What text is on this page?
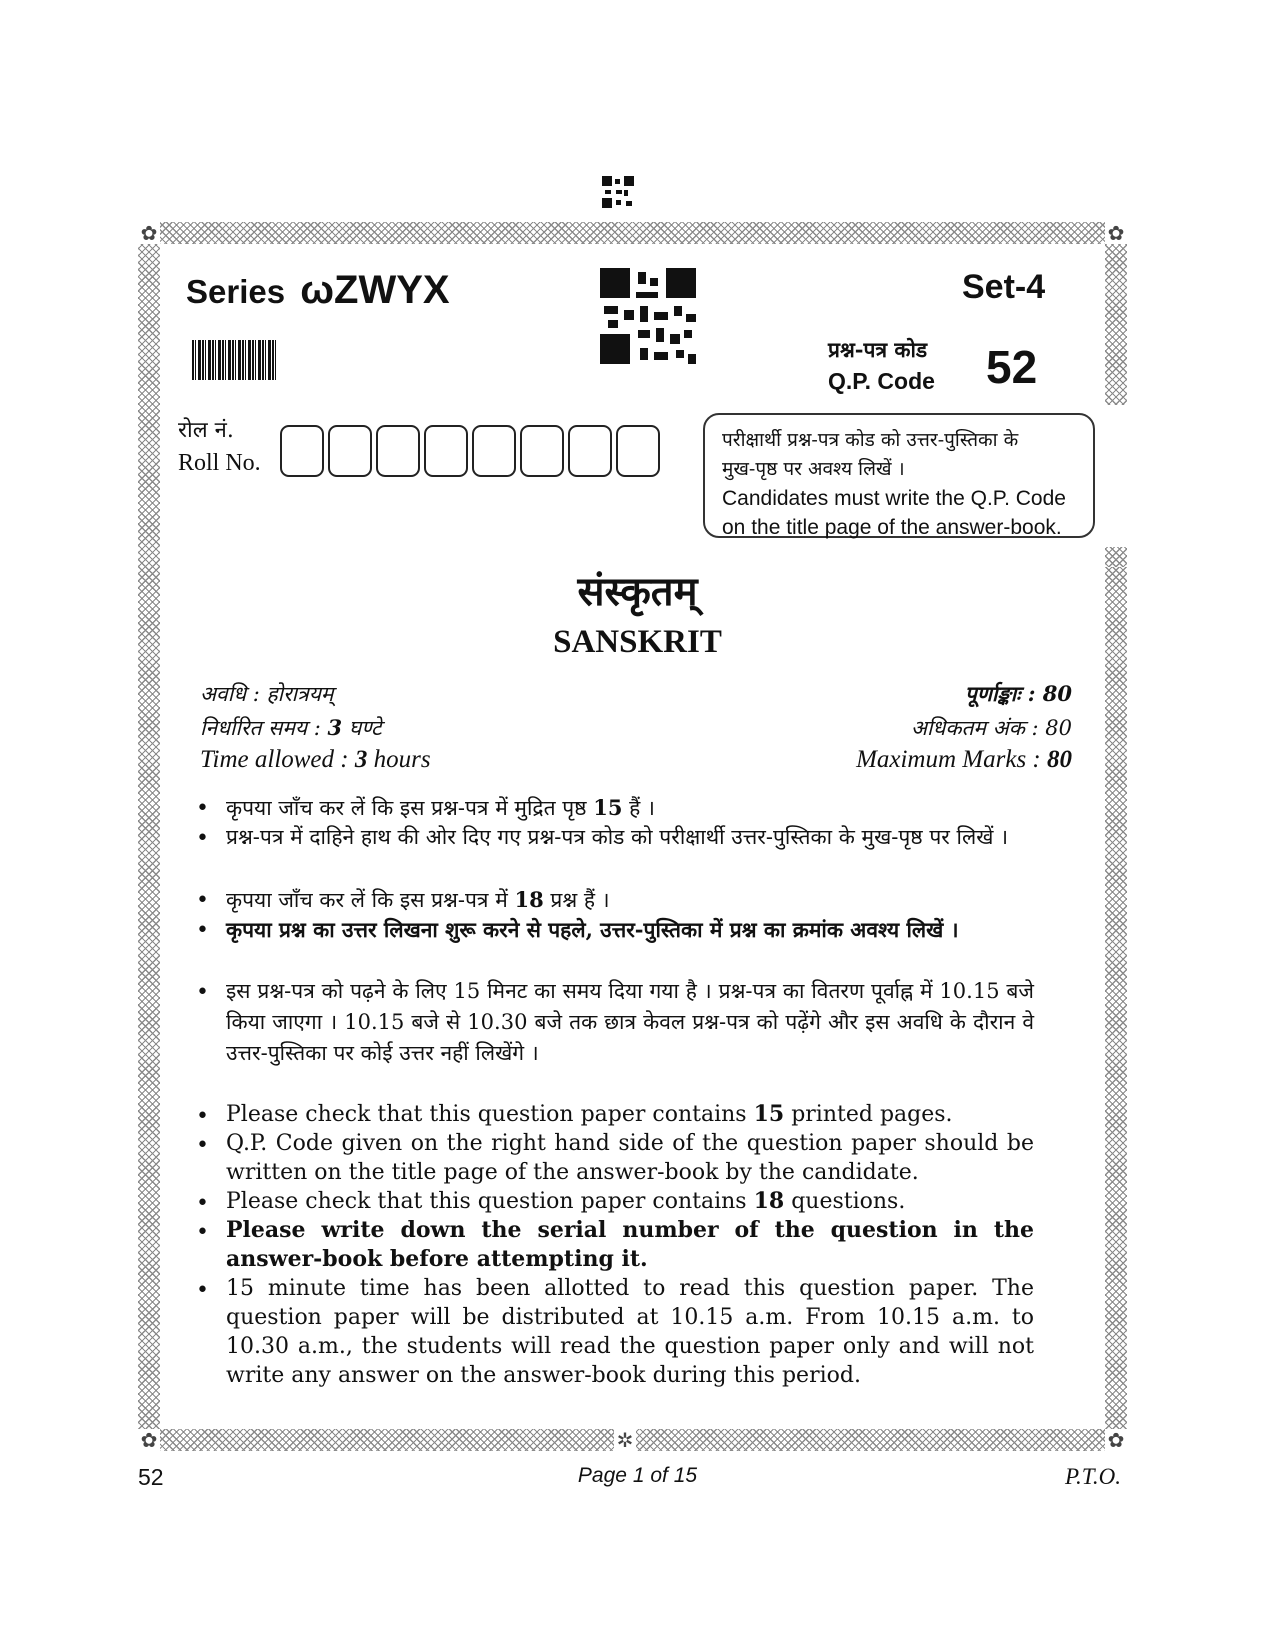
✿	✿
✿	✿
✲
Series ωZWYX	Set-4
प्रश्न-पत्र कोड
Q.P. Code 52
रोल नं.
Roll No.
परीक्षार्थी प्रश्न-पत्र कोड को उत्तर-पुस्तिका के
मुख-पृष्ठ पर अवश्य लिखें ।
Candidates must write the Q.P. Code
on the title page of the answer-book.
संस्कृतम्
SANSKRIT
अवधि : होरात्रयम्
निर्धारित समय : 3 घण्टे
Time allowed : 3 hours
पूर्णाङ्काः : 80
अधिकतम अंक : 80
Maximum Marks : 80
• कृपया जाँच कर लें कि इस प्रश्न-पत्र में मुद्रित पृष्ठ 15 हैं ।
• प्रश्न-पत्र में दाहिने हाथ की ओर दिए गए प्रश्न-पत्र कोड को परीक्षार्थी उत्तर-पुस्तिका के मुख-पृष्ठ पर लिखें ।
• कृपया जाँच कर लें कि इस प्रश्न-पत्र में 18 प्रश्न हैं ।
• कृपया प्रश्न का उत्तर लिखना शुरू करने से पहले, उत्तर-पुस्तिका में प्रश्न का क्रमांक अवश्य लिखें ।
• इस प्रश्न-पत्र को पढ़ने के लिए 15 मिनट का समय दिया गया है । प्रश्न-पत्र का वितरण पूर्वाह्न में 10.15 बजे किया जाएगा । 10.15 बजे से 10.30 बजे तक छात्र केवल प्रश्न-पत्र को पढ़ेंगे और इस अवधि के दौरान वे उत्तर-पुस्तिका पर कोई उत्तर नहीं लिखेंगे ।
• Please check that this question paper contains 15 printed pages.
• Q.P. Code given on the right hand side of the question paper should be written on the title page of the answer-book by the candidate.
• Please check that this question paper contains 18 questions.
• Please write down the serial number of the question in the answer-book before attempting it.
• 15 minute time has been allotted to read this question paper. The question paper will be distributed at 10.15 a.m. From 10.15 a.m. to 10.30 a.m., the students will read the question paper only and will not write any answer on the answer-book during this period.
52	Page 1 of 15	P.T.O.
